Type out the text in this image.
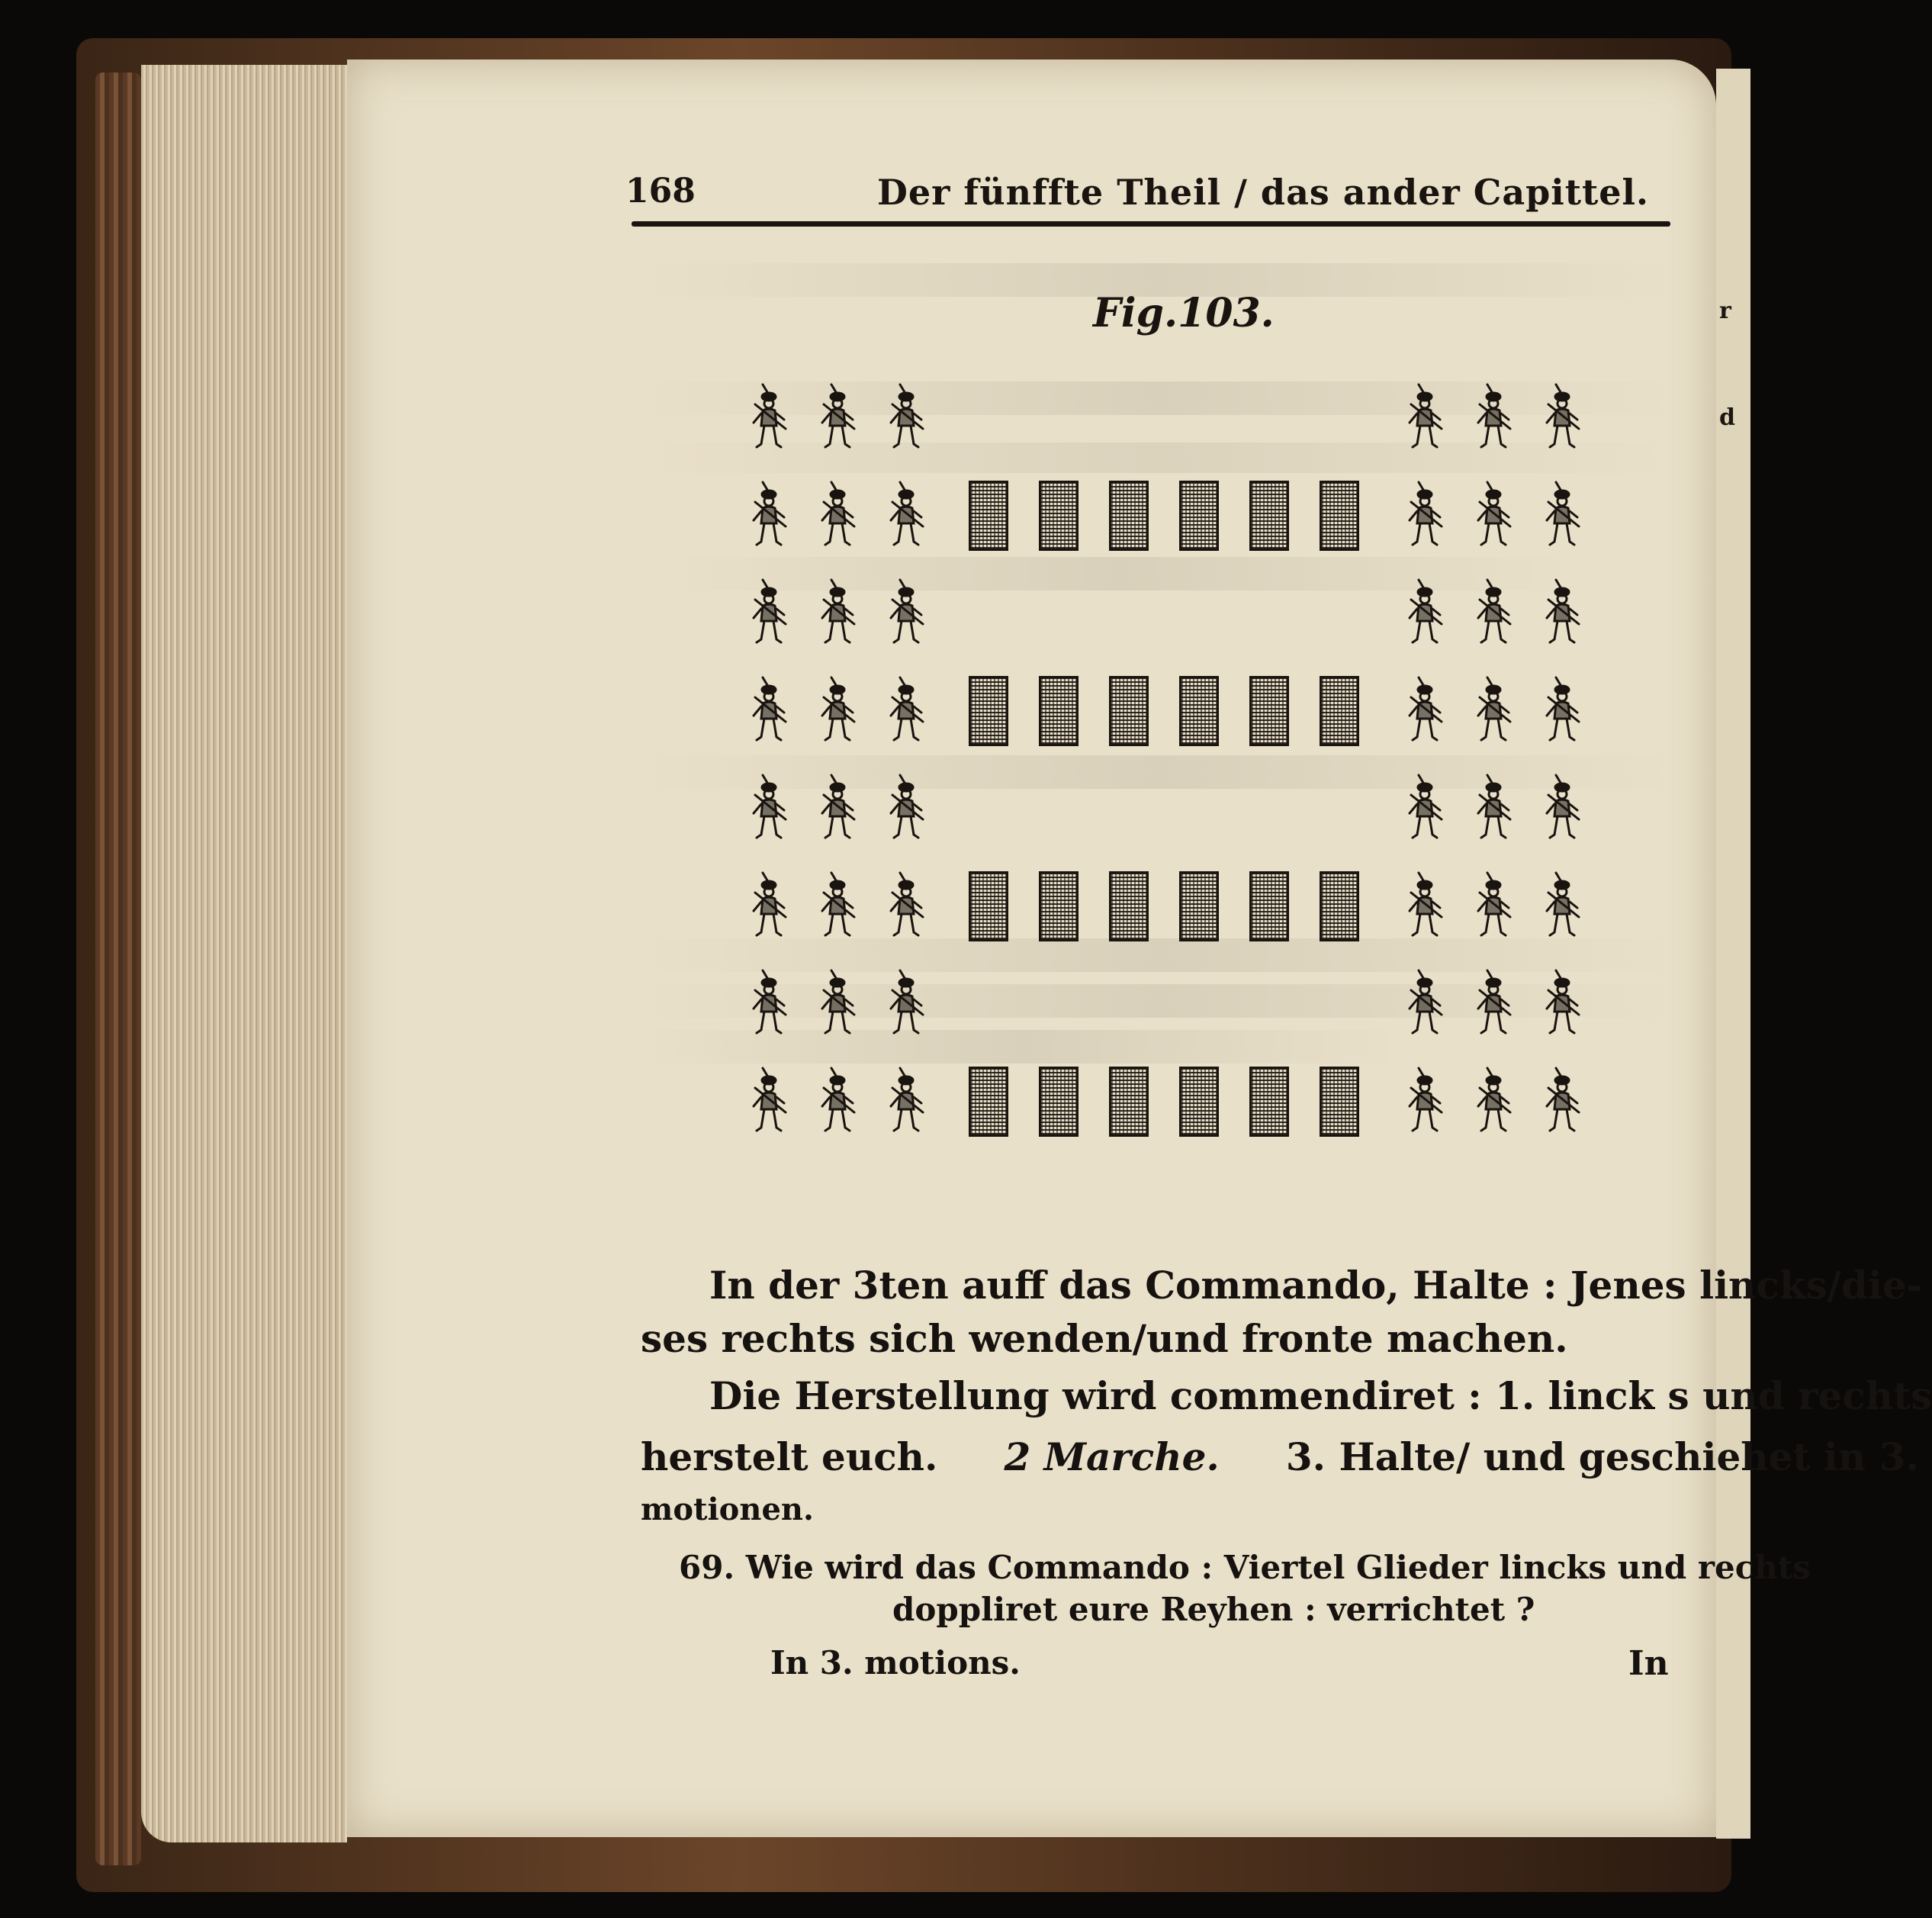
r
d
168	Der fünffte Theil / das ander Capittel.
Fig.103.
In der 3ten auff das Commando, Halte : Jenes lincks/die-
ses rechts sich wenden/und fronte machen.
Die Herstellung wird commendiret : 1. linck s und rechts
herstelt euch. 2 Marche. 3. Halte/ und geschiehet in 3.
motionen.
69. Wie wird das Commando : Viertel Glieder lincks und rechts
doppliret eure Reyhen : verrichtet ?
In 3. motions.	In
